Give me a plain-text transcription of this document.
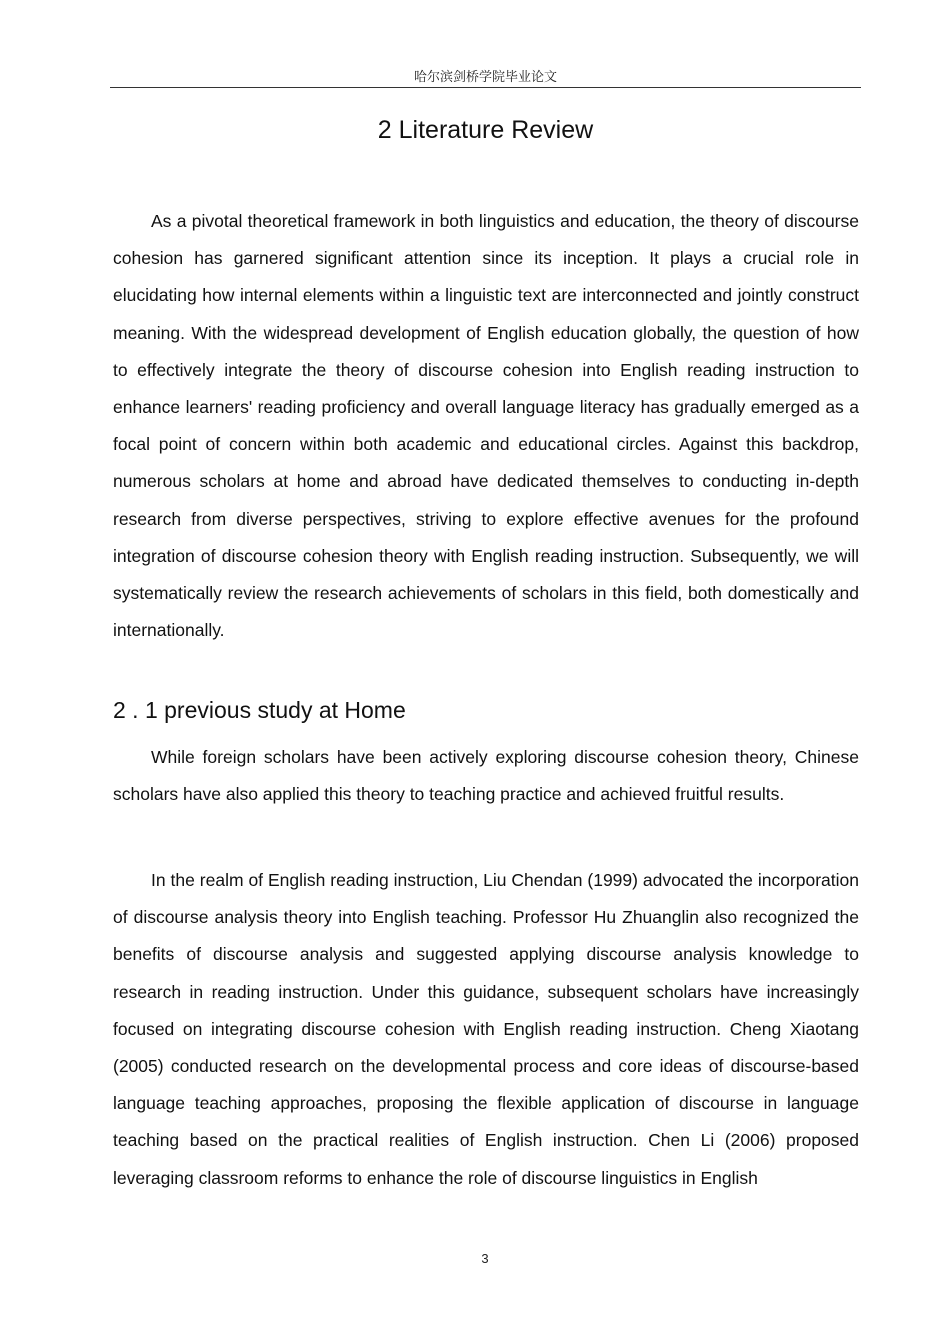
哈尔滨剑桥学院毕业论文
2 Literature Review

As a pivotal theoretical framework in both linguistics and education, the theory of discourse cohesion has garnered significant attention since its inception. It plays a crucial role in elucidating how internal elements within a linguistic text are interconnected and jointly construct meaning. With the widespread development of English education globally, the question of how to effectively integrate the theory of discourse cohesion into English reading instruction to enhance learners' reading proficiency and overall language literacy has gradually emerged as a focal point of concern within both academic and educational circles. Against this backdrop, numerous scholars at home and abroad have dedicated themselves to conducting in-depth research from diverse perspectives, striving to explore effective avenues for the profound integration of discourse cohesion theory with English reading instruction. Subsequently, we will systematically review the research achievements of scholars in this field, both domestically and internationally.

2 . 1 previous study at Home

While foreign scholars have been actively exploring discourse cohesion theory, Chinese scholars have also applied this theory to teaching practice and achieved fruitful results.

In the realm of English reading instruction, Liu Chendan (1999) advocated the incorporation of discourse analysis theory into English teaching. Professor Hu Zhuanglin also recognized the benefits of discourse analysis and suggested applying discourse analysis knowledge to research in reading instruction. Under this guidance, subsequent scholars have increasingly focused on integrating discourse cohesion with English reading instruction. Cheng Xiaotang (2005) conducted research on the developmental process and core ideas of discourse-based language teaching approaches, proposing the flexible application of discourse in language teaching based on the practical realities of English instruction. Chen Li (2006) proposed leveraging classroom reforms to enhance the role of discourse linguistics in English

3
